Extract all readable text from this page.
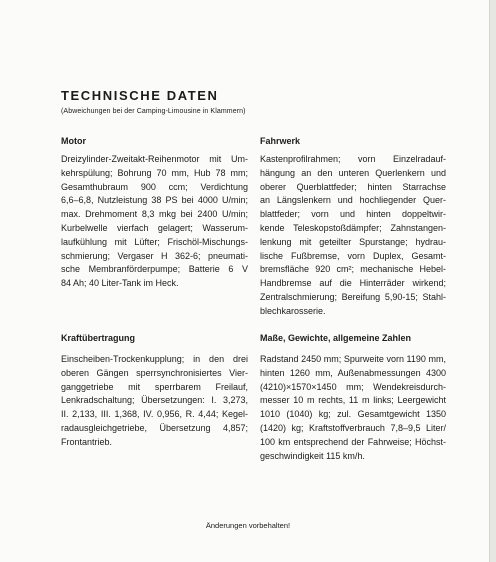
TECHNISCHE DATEN
(Abweichungen bei der Camping-Limousine in Klammern)
Motor
Dreizylinder-Zweitakt-Reihenmotor mit Um-
kehrspülung; Bohrung 70 mm, Hub 78 mm;
Gesamthubraum 900 ccm; Verdichtung
6,6–6,8, Nutzleistung 38 PS bei 4000 U/min;
max. Drehmoment 8,3 mkg bei 2400 U/min;
Kurbelwelle vierfach gelagert; Wasserum-
laufkühlung mit Lüfter; Frischöl-Mischungs-
schmierung; Vergaser H 362-6; pneumati-
sche Membranförderpumpe; Batterie 6 V
84 Ah; 40 Liter-Tank im Heck.
Fahrwerk
Kastenprofilrahmen; vorn Einzelradauf-
hängung an den unteren Querlenkern und
oberer Querblattfeder; hinten Starrachse
an Längslenkern und hochliegender Quer-
blattfeder; vorn und hinten doppeltwir-
kende Teleskopstoßdämpfer; Zahnstangen-
lenkung mit geteilter Spurstange; hydrau-
lische Fußbremse, vorn Duplex, Gesamt-
bremsfläche 920 cm²; mechanische Hebel-
Handbremse auf die Hinterräder wirkend;
Zentralschmierung; Bereifung 5,90-15; Stahl-
blechkarosserie.
Kraftübertragung
Einscheiben-Trockenkupplung; in den drei
oberen Gängen sperrsynchronisiertes Vier-
ganggetriebe mit sperrbarem Freilauf,
Lenkradschaltung; Übersetzungen: I. 3,273,
II. 2,133, III. 1,368, IV. 0,956, R. 4,44; Kegel-
radausgleichgetriebe, Übersetzung 4,857;
Frontantrieb.
Maße, Gewichte, allgemeine Zahlen
Radstand 2450 mm; Spurweite vorn 1190 mm,
hinten 1260 mm, Außenabmessungen 4300
(4210)×1570×1450 mm; Wendekreisdurch-
messer 10 m rechts, 11 m links; Leergewicht
1010 (1040) kg; zul. Gesamtgewicht 1350
(1420) kg; Kraftstoffverbrauch 7,8–9,5 Liter/
100 km entsprechend der Fahrweise; Höchst-
geschwindigkeit 115 km/h.
Änderungen vorbehalten!
